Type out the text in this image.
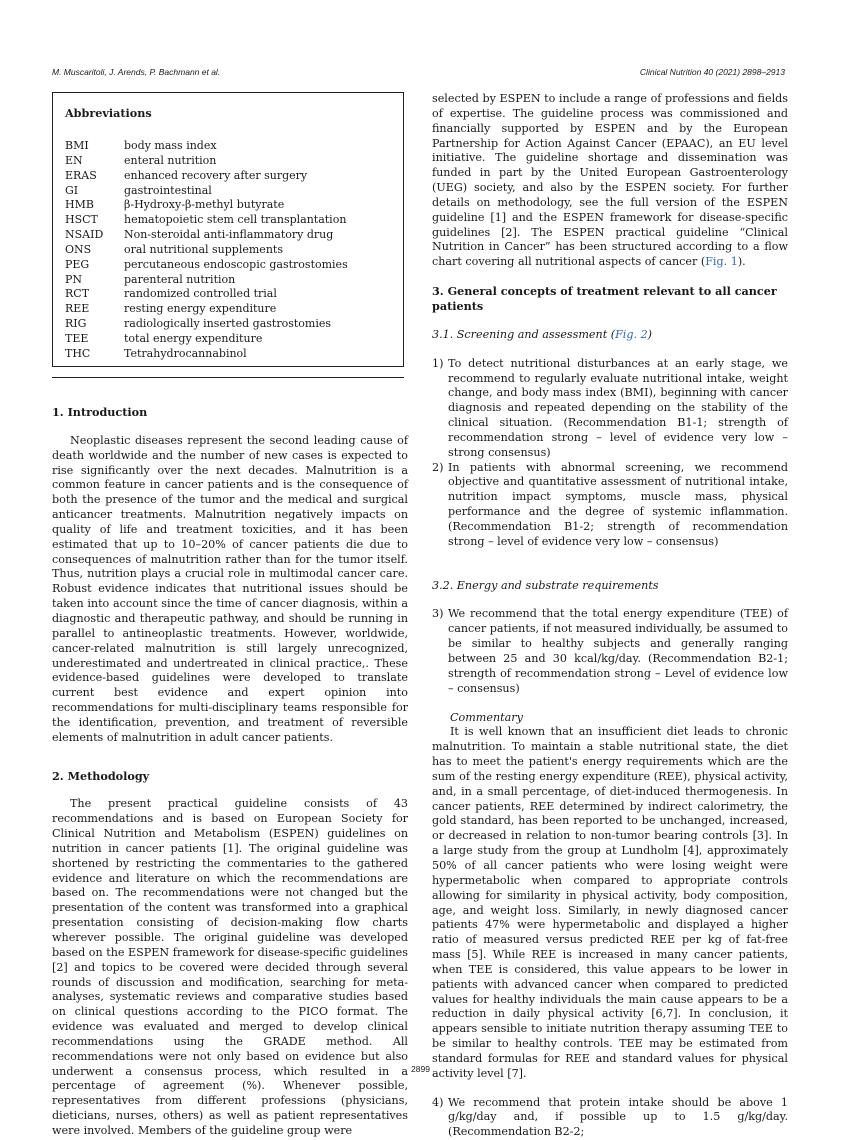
M. Muscaritoli, J. Arends, P. Bachmann et al.	Clinical Nutrition 40 (2021) 2898–2913
Abbreviations
BMI	body mass index
EN	enteral nutrition
ERAS	enhanced recovery after surgery
GI	gastrointestinal
HMB	β-Hydroxy-β-methyl butyrate
HSCT	hematopoietic stem cell transplantation
NSAID	Non-steroidal anti-inflammatory drug
ONS	oral nutritional supplements
PEG	percutaneous endoscopic gastrostomies
PN	parenteral nutrition
RCT	randomized controlled trial
REE	resting energy expenditure
RIG	radiologically inserted gastrostomies
TEE	total energy expenditure
THC	Tetrahydrocannabinol
1. Introduction

Neoplastic diseases represent the second leading cause of death worldwide and the number of new cases is expected to rise significantly over the next decades. Malnutrition is a common feature in cancer patients and is the consequence of both the presence of the tumor and the medical and surgical anticancer treatments. Malnutrition negatively impacts on quality of life and treatment toxicities, and it has been estimated that up to 10–20% of cancer patients die due to consequences of malnutrition rather than for the tumor itself. Thus, nutrition plays a crucial role in multimodal cancer care. Robust evidence indicates that nutritional issues should be taken into account since the time of cancer diagnosis, within a diagnostic and therapeutic pathway, and should be running in parallel to antineoplastic treatments. However, worldwide, cancer-related malnutrition is still largely unrecognized, underestimated and undertreated in clinical practice,. These evidence-based guidelines were developed to translate current best evidence and expert opinion into recommendations for multi-disciplinary teams responsible for the identification, prevention, and treatment of reversible elements of malnutrition in adult cancer patients.

2. Methodology

The present practical guideline consists of 43 recommendations and is based on European Society for Clinical Nutrition and Metabolism (ESPEN) guidelines on nutrition in cancer patients [1]. The original guideline was shortened by restricting the commentaries to the gathered evidence and literature on which the recommendations are based on. The recommendations were not changed but the presentation of the content was transformed into a graphical presentation consisting of decision-making flow charts wherever possible. The original guideline was developed based on the ESPEN framework for disease-specific guidelines [2] and topics to be covered were decided through several rounds of discussion and modification, searching for meta-analyses, systematic reviews and comparative studies based on clinical questions according to the PICO format. The evidence was evaluated and merged to develop clinical recommendations using the GRADE method. All recommendations were not only based on evidence but also underwent a consensus process, which resulted in a percentage of agreement (%). Whenever possible, representatives from different professions (physicians, dieticians, nurses, others) as well as patient representatives were involved. Members of the guideline group were

selected by ESPEN to include a range of professions and fields of expertise. The guideline process was commissioned and financially supported by ESPEN and by the European Partnership for Action Against Cancer (EPAAC), an EU level initiative. The guideline shortage and dissemination was funded in part by the United European Gastroenterology (UEG) society, and also by the ESPEN society. For further details on methodology, see the full version of the ESPEN guideline [1] and the ESPEN framework for disease-specific guidelines [2]. The ESPEN practical guideline “Clinical Nutrition in Cancer” has been structured according to a flow chart covering all nutritional aspects of cancer (Fig. 1).

3. General concepts of treatment relevant to all cancer patients
3.1. Screening and assessment (Fig. 2)
1) To detect nutritional disturbances at an early stage, we recommend to regularly evaluate nutritional intake, weight change, and body mass index (BMI), beginning with cancer diagnosis and repeated depending on the stability of the clinical situation. (Recommendation B1-1; strength of recommendation strong – level of evidence very low – strong consensus)
2) In patients with abnormal screening, we recommend objective and quantitative assessment of nutritional intake, nutrition impact symptoms, muscle mass, physical performance and the degree of systemic inflammation. (Recommendation B1-2; strength of recommendation strong – level of evidence very low – consensus)
3.2. Energy and substrate requirements
3) We recommend that the total energy expenditure (TEE) of cancer patients, if not measured individually, be assumed to be similar to healthy subjects and generally ranging between 25 and 30 kcal/kg/day. (Recommendation B2-1; strength of recommendation strong – Level of evidence low – consensus)
Commentary

It is well known that an insufficient diet leads to chronic malnutrition. To maintain a stable nutritional state, the diet has to meet the patient's energy requirements which are the sum of the resting energy expenditure (REE), physical activity, and, in a small percentage, of diet-induced thermogenesis. In cancer patients, REE determined by indirect calorimetry, the gold standard, has been reported to be unchanged, increased, or decreased in relation to non-tumor bearing controls [3]. In a large study from the group at Lundholm [4], approximately 50% of all cancer patients who were losing weight were hypermetabolic when compared to appropriate controls allowing for similarity in physical activity, body composition, age, and weight loss. Similarly, in newly diagnosed cancer patients 47% were hypermetabolic and displayed a higher ratio of measured versus predicted REE per kg of fat-free mass [5]. While REE is increased in many cancer patients, when TEE is considered, this value appears to be lower in patients with advanced cancer when compared to predicted values for healthy individuals the main cause appears to be a reduction in daily physical activity [6,7]. In conclusion, it appears sensible to initiate nutrition therapy assuming TEE to be similar to healthy controls. TEE may be estimated from standard formulas for REE and standard values for physical activity level [7].

4) We recommend that protein intake should be above 1 g/kg/day and, if possible up to 1.5 g/kg/day. (Recommendation B2-2;
2899
